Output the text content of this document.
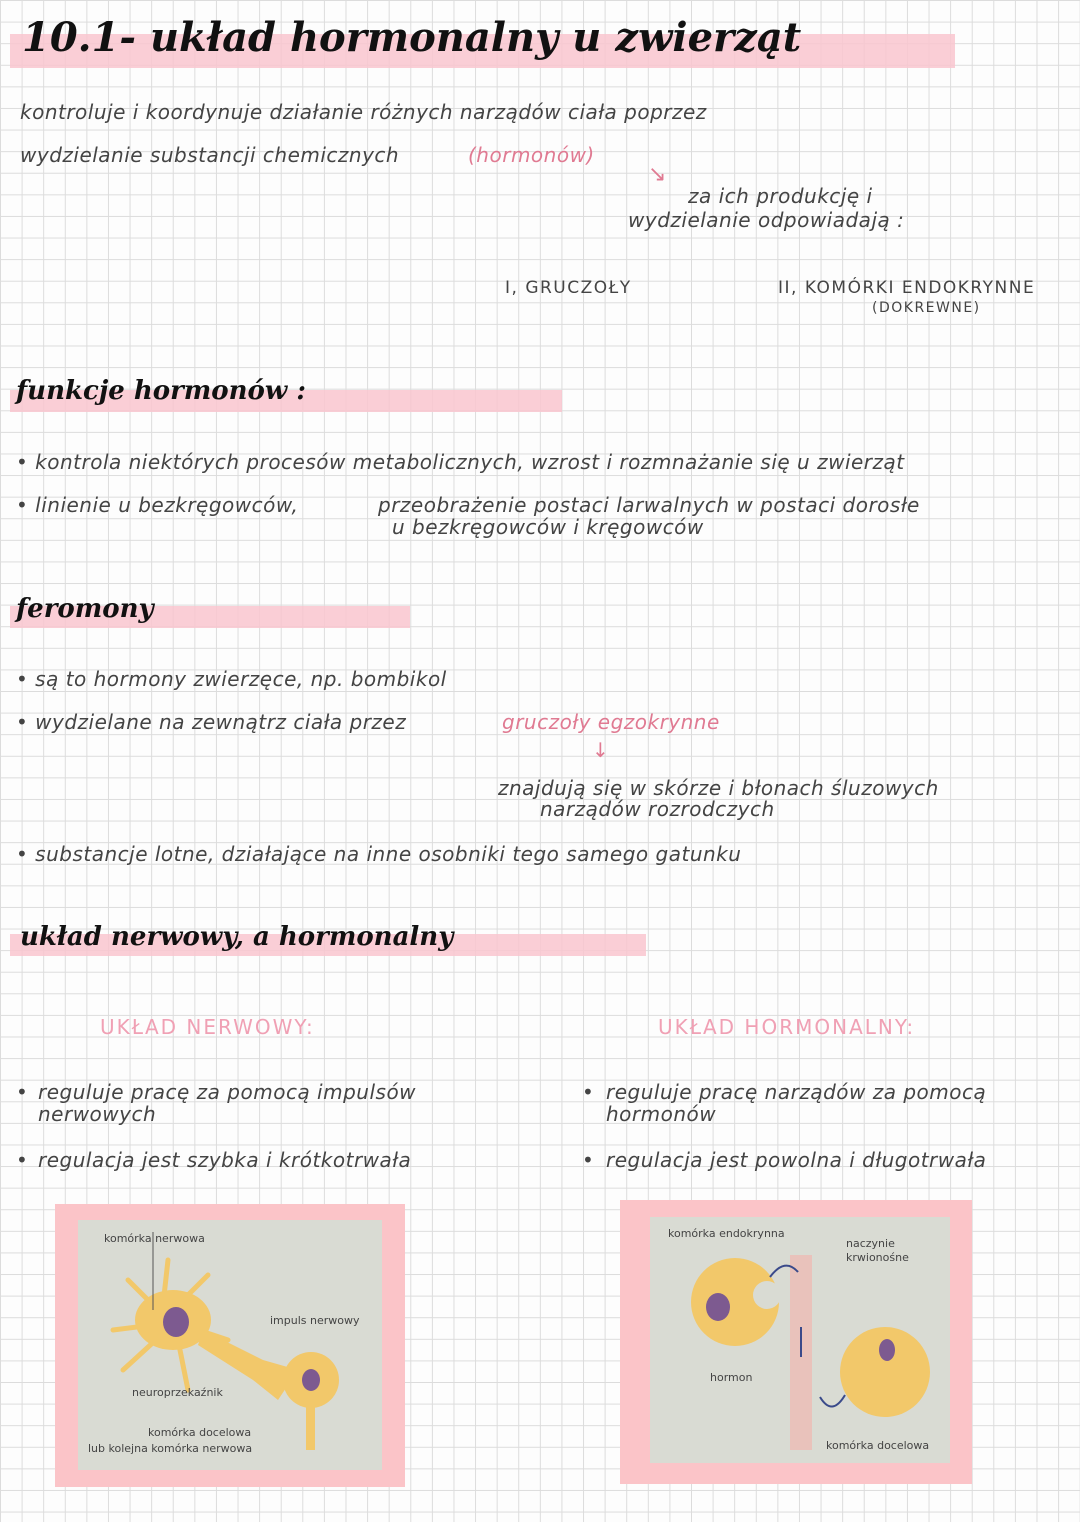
10.1- układ hormonalny u zwierząt
kontroluje i koordynuje działanie różnych narządów ciała poprzez
wydzielanie substancji chemicznych	(hormonów)
↘
za ich produkcję i
wydzielanie odpowiadają :
I, GRUCZOŁY	II, KOMÓRKI ENDOKRYNNE
(DOKREWNE)
funkcje hormonów :
• kontrola niektórych procesów metabolicznych, wzrost i rozmnażanie się u zwierząt
• linienie u bezkręgowców,	przeobrażenie postaci larwalnych w postaci dorosłe
u bezkręgowców i kręgowców
feromony
• są to hormony zwierzęce, np. bombikol
• wydzielane na zewnątrz ciała przez	gruczoły egzokrynne
↓
znajdują się w skórze i błonach śluzowych
narządów rozrodczych
• substancje lotne, działające na inne osobniki tego samego gatunku
układ nerwowy, a hormonalny
UKŁAD NERWOWY:
• reguluje pracę za pomocą impulsów
nerwowych
• regulacja jest szybka i krótkotrwała
UKŁAD HORMONALNY:
• reguluje pracę narządów za pomocą
hormonów
• regulacja jest powolna i długotrwała
komórka nerwowa
impuls nerwowy
neuroprzekaźnik
komórka docelowa
lub kolejna komórka nerwowa
komórka endokrynna
naczynie
krwionośne
hormon
komórka docelowa
